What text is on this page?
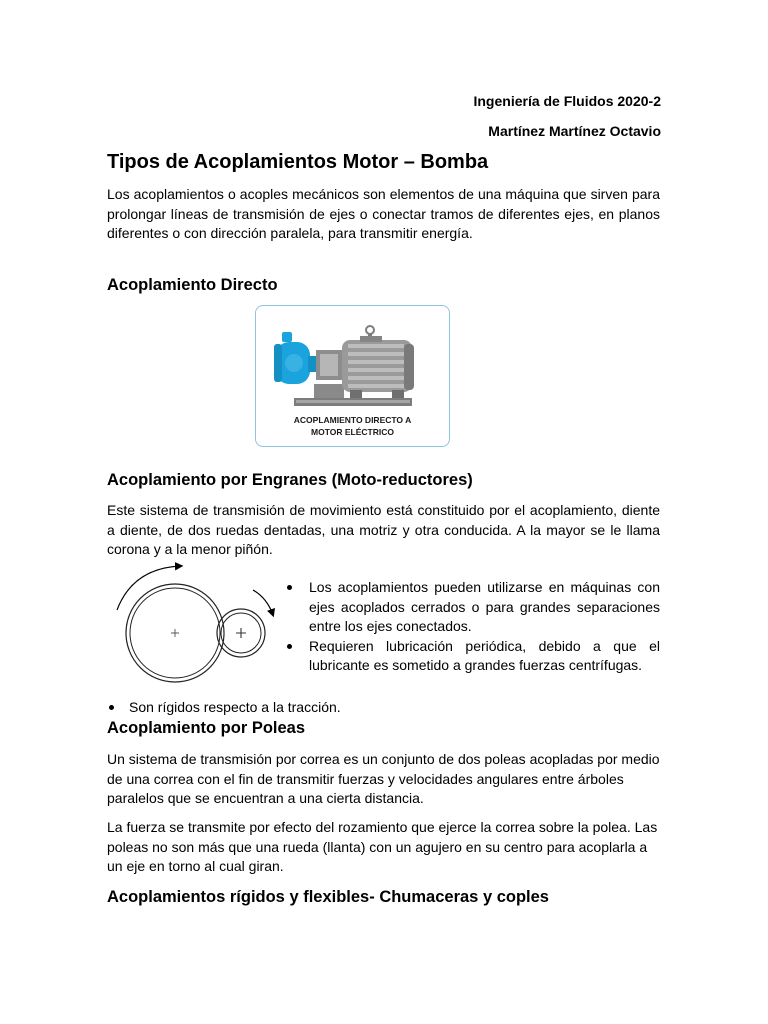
Ingeniería de Fluidos 2020-2
Martínez Martínez Octavio
Tipos de Acoplamientos Motor – Bomba

Los acoplamientos o acoples mecánicos son elementos de una máquina que sirven para prolongar líneas de transmisión de ejes o conectar tramos de diferentes ejes, en planos diferentes o con dirección paralela, para transmitir energía.

Acoplamiento Directo
ACOPLAMIENTO DIRECTO A
MOTOR ELÉCTRICO
Acoplamiento por Engranes (Moto-reductores)

Este sistema de transmisión de movimiento está constituido por el acoplamiento, diente a diente, de dos ruedas dentadas, una motriz y otra conducida. A la mayor se le llama corona y a la menor piñón.

Los acoplamientos pueden utilizarse en máquinas con ejes acoplados cerrados o para grandes separaciones entre los ejes conectados.
Requieren lubricación periódica, debido a que el lubricante es sometido a grandes fuerzas centrífugas.
Son rígidos respecto a la tracción.
Acoplamiento por Poleas

Un sistema de transmisión por correa es un conjunto de dos poleas acopladas por medio de una correa con el fin de transmitir fuerzas y velocidades angulares entre árboles paralelos que se encuentran a una cierta distancia.

La fuerza se transmite por efecto del rozamiento que ejerce la correa sobre la polea. Las poleas no son más que una rueda (llanta) con un agujero en su centro para acoplarla a un eje en torno al cual giran.

Acoplamientos rígidos y flexibles- Chumaceras y coples
